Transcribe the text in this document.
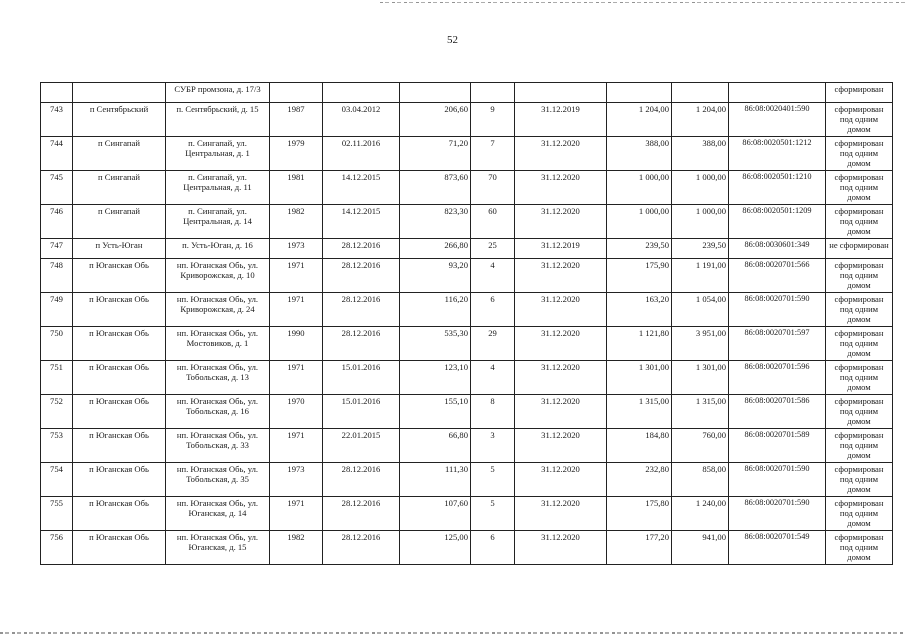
52
		СУБР промзона, д. 17/3									сформирован
743	п Сентябрьский	п. Сентябрьский, д. 15	1987	03.04.2012	206,60	9	31.12.2019	1 204,00	1 204,00	86:08:0020401:590	сформирован под одним домом
744	п Сингапай	п. Сингапай, ул. Центральная, д. 1	1979	02.11.2016	71,20	7	31.12.2020	388,00	388,00	86:08:0020501:1212	сформирован под одним домом
745	п Сингапай	п. Сингапай, ул. Центральная, д. 11	1981	14.12.2015	873,60	70	31.12.2020	1 000,00	1 000,00	86:08:0020501:1210	сформирован под одним домом
746	п Сингапай	п. Сингапай, ул. Центральная, д. 14	1982	14.12.2015	823,30	60	31.12.2020	1 000,00	1 000,00	86:08:0020501:1209	сформирован под одним домом
747	п Усть-Юган	п. Усть-Юган, д. 16	1973	28.12.2016	266,80	25	31.12.2019	239,50	239,50	86:08:0030601:349	не сформирован
748	п Юганская Обь	нп. Юганская Обь, ул. Криворожская, д. 10	1971	28.12.2016	93,20	4	31.12.2020	175,90	1 191,00	86:08:0020701:566	сформирован под одним домом
749	п Юганская Обь	нп. Юганская Обь, ул. Криворожская, д. 24	1971	28.12.2016	116,20	6	31.12.2020	163,20	1 054,00	86:08:0020701:590	сформирован под одним домом
750	п Юганская Обь	нп. Юганская Обь, ул. Мостовиков, д. 1	1990	28.12.2016	535,30	29	31.12.2020	1 121,80	3 951,00	86:08:0020701:597	сформирован под одним домом
751	п Юганская Обь	нп. Юганская Обь, ул. Тобольская, д. 13	1971	15.01.2016	123,10	4	31.12.2020	1 301,00	1 301,00	86:08:0020701:596	сформирован под одним домом
752	п Юганская Обь	нп. Юганская Обь, ул. Тобольская, д. 16	1970	15.01.2016	155,10	8	31.12.2020	1 315,00	1 315,00	86:08:0020701:586	сформирован под одним домом
753	п Юганская Обь	нп. Юганская Обь, ул. Тобольская, д. 33	1971	22.01.2015	66,80	3	31.12.2020	184,80	760,00	86:08:0020701:589	сформирован под одним домом
754	п Юганская Обь	нп. Юганская Обь, ул. Тобольская, д. 35	1973	28.12.2016	111,30	5	31.12.2020	232,80	858,00	86:08:0020701:590	сформирован под одним домом
755	п Юганская Обь	нп. Юганская Обь, ул. Юганская, д. 14	1971	28.12.2016	107,60	5	31.12.2020	175,80	1 240,00	86:08:0020701:590	сформирован под одним домом
756	п Юганская Обь	нп. Юганская Обь, ул. Юганская, д. 15	1982	28.12.2016	125,00	6	31.12.2020	177,20	941,00	86:08:0020701:549	сформирован под одним домом
